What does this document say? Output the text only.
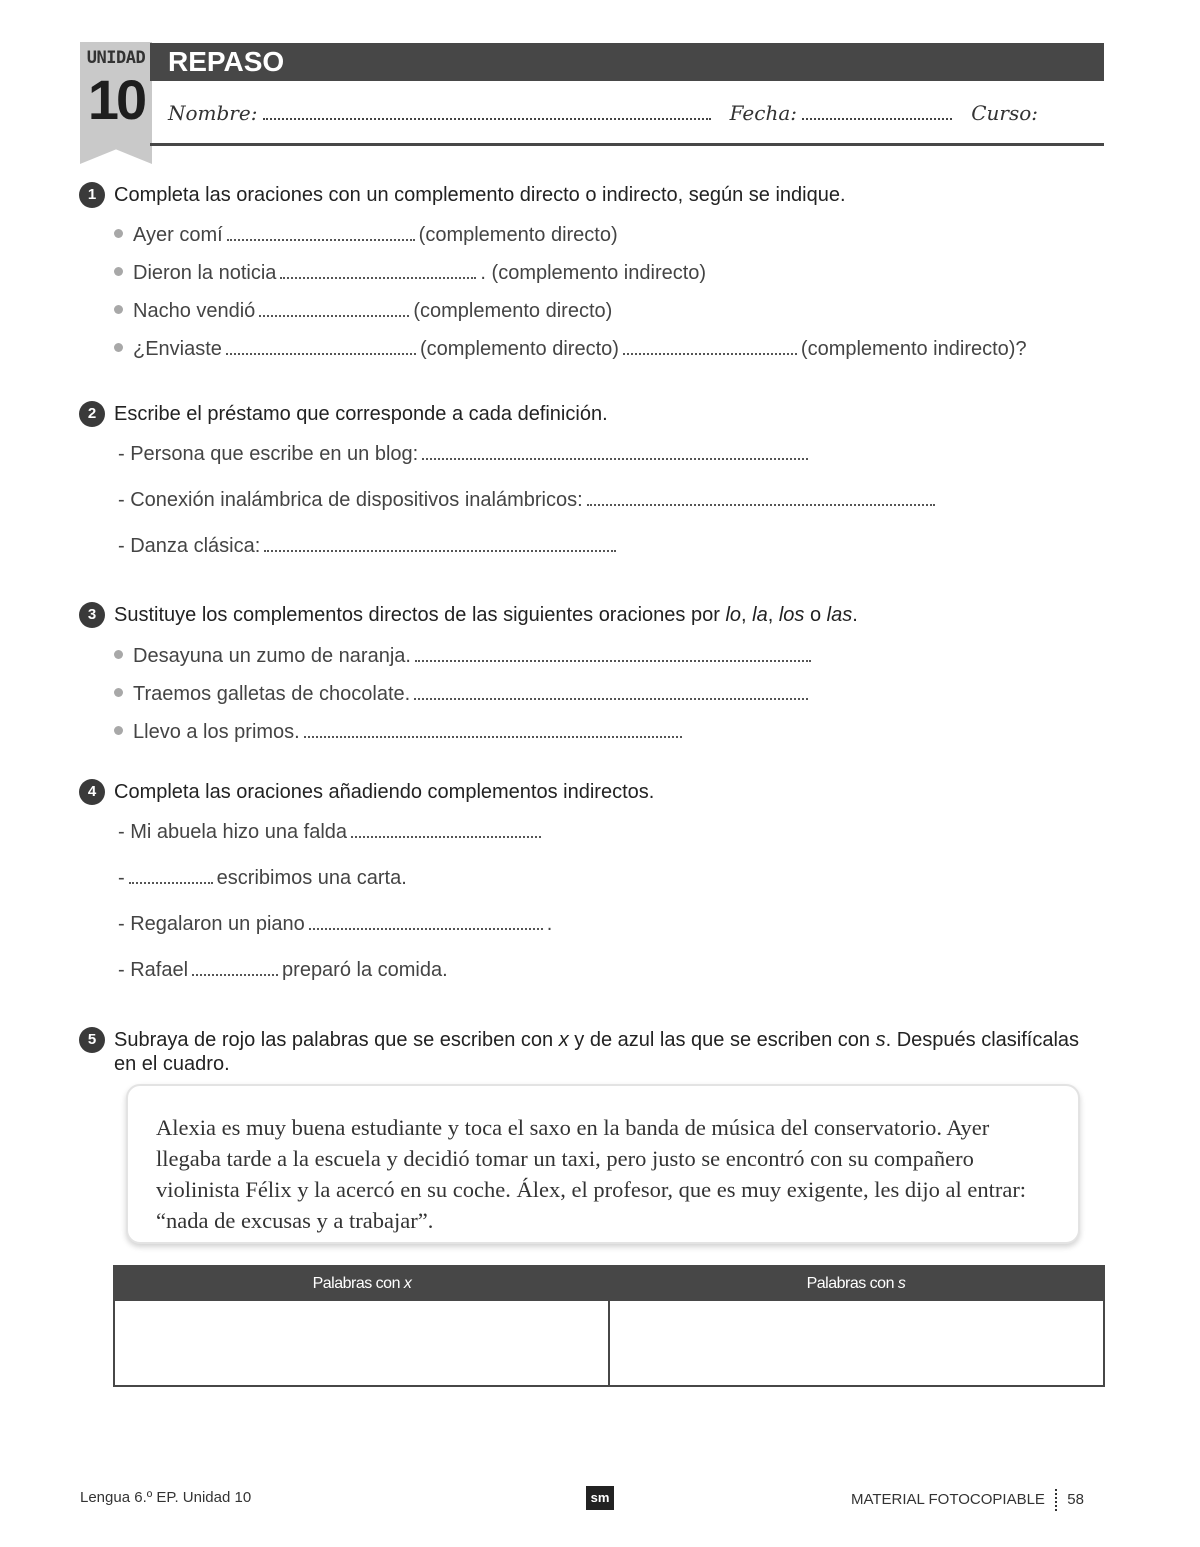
UNIDAD
10
REPASO
Nombre:	Fecha:	Curso:
1 Completa las oraciones con un complemento directo o indirecto, según se indique.
Ayer comí	(complemento directo)
Dieron la noticia	. (complemento indirecto)
Nacho vendió	(complemento directo)
¿Enviaste	(complemento directo)	(complemento indirecto)?
2 Escribe el préstamo que corresponde a cada definición.
- Persona que escribe en un blog:
- Conexión inalámbrica de dispositivos inalámbricos:
- Danza clásica:
3 Sustituye los complementos directos de las siguientes oraciones por lo, la, los o las.
Desayuna un zumo de naranja.
Traemos galletas de chocolate.
Llevo a los primos.
4 Completa las oraciones añadiendo complementos indirectos.
- Mi abuela hizo una falda
-	escribimos una carta.
- Regalaron un piano	.
- Rafael	preparó la comida.
5 Subraya de rojo las palabras que se escriben con x y de azul las que se escriben con s. Después clasifícalas en el cuadro.

Alexia es muy buena estudiante y toca el saxo en la banda de música del conservatorio. Ayer llegaba tarde a la escuela y decidió tomar un taxi, pero justo se encontró con su compañero violinista Félix y la acercó en su coche. Álex, el profesor, que es muy exigente, les dijo al entrar: “nada de excusas y a trabajar”.

Palabras con x	Palabras con s
Lengua 6.º EP. Unidad 10	sm	MATERIAL FOTOCOPIABLE 58
